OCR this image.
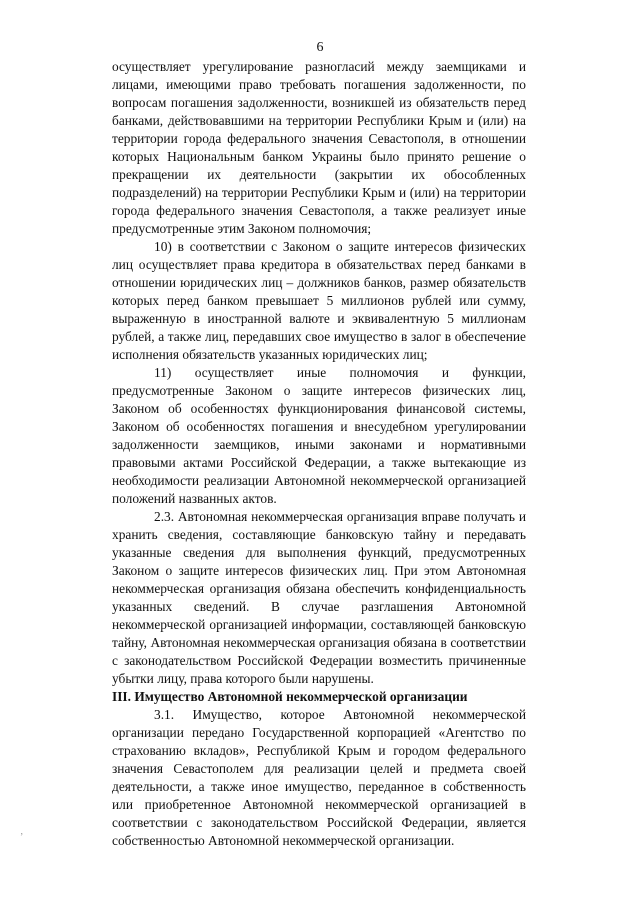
6

осуществляет урегулирование разногласий между заемщиками и лицами, имеющими право требовать погашения задолженности, по вопросам погашения задолженности, возникшей из обязательств перед банками, действовавшими на территории Республики Крым и (или) на территории города федерального значения Севастополя, в отношении которых Национальным банком Украины было принято решение о прекращении их деятельности (закрытии их обособленных подразделений) на территории Республики Крым и (или) на территории города федерального значения Севастополя, а также реализует иные предусмотренные этим Законом полномочия;

10) в соответствии с Законом о защите интересов физических лиц осуществляет права кредитора в обязательствах перед банками в отношении юридических лиц – должников банков, размер обязательств которых перед банком превышает 5 миллионов рублей или сумму, выраженную в иностранной валюте и эквивалентную 5 миллионам рублей, а также лиц, передавших свое имущество в залог в обеспечение исполнения обязательств указанных юридических лиц;

11) осуществляет иные полномочия и функции, предусмотренные Законом о защите интересов физических лиц, Законом об особенностях функционирования финансовой системы, Законом об особенностях погашения и внесудебном урегулировании задолженности заемщиков, иными законами и нормативными правовыми актами Российской Федерации, а также вытекающие из необходимости реализации Автономной некоммерческой организацией положений названных актов.

2.3. Автономная некоммерческая организация вправе получать и хранить сведения, составляющие банковскую тайну и передавать указанные сведения для выполнения функций, предусмотренных Законом о защите интересов физических лиц. При этом Автономная некоммерческая организация обязана обеспечить конфиденциальность указанных сведений. В случае разглашения Автономной некоммерческой организацией информации, составляющей банковскую тайну, Автономная некоммерческая организация обязана в соответствии с законодательством Российской Федерации возместить причиненные убытки лицу, права которого были нарушены.

III. Имущество Автономной некоммерческой организации

3.1. Имущество, которое Автономной некоммерческой организации передано Государственной корпорацией «Агентство по страхованию вкладов», Республикой Крым и городом федерального значения Севастополем для реализации целей и предмета своей деятельности, а также иное имущество, переданное в собственность или приобретенное Автономной некоммерческой организацией в соответствии с законодательством Российской Федерации, является собственностью Автономной некоммерческой организации.

‚
